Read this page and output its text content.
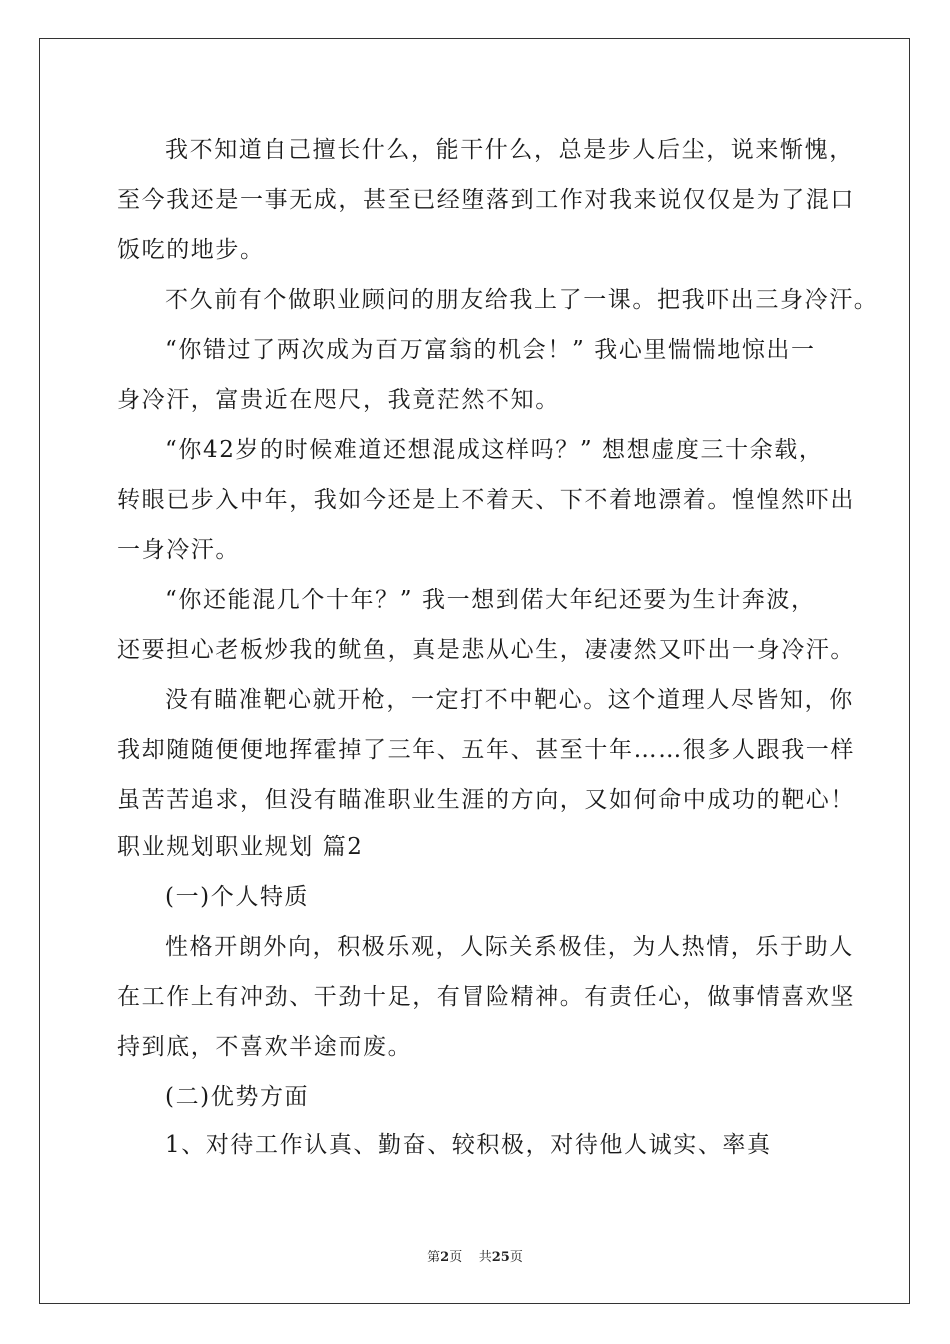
我不知道自己擅长什么，能干什么，总是步人后尘，说来惭愧，
至今我还是一事无成，甚至已经堕落到工作对我来说仅仅是为了混口
饭吃的地步。
不久前有个做职业顾问的朋友给我上了一课。把我吓出三身冷汗。
“你错过了两次成为百万富翁的机会！” 我心里惴惴地惊出一
身冷汗，富贵近在咫尺，我竟茫然不知。
“你42岁的时候难道还想混成这样吗？” 想想虚度三十余载，
转眼已步入中年，我如今还是上不着天、下不着地漂着。惶惶然吓出
一身冷汗。
“你还能混几个十年？” 我一想到偌大年纪还要为生计奔波，
还要担心老板炒我的鱿鱼，真是悲从心生，凄凄然又吓出一身冷汗。
没有瞄准靶心就开枪，一定打不中靶心。这个道理人尽皆知，你
我却随随便便地挥霍掉了三年、五年、甚至十年……很多人跟我一样
虽苦苦追求，但没有瞄准职业生涯的方向，又如何命中成功的靶心！
职业规划职业规划 篇2
(一)个人特质
性格开朗外向，积极乐观，人际关系极佳，为人热情，乐于助人
在工作上有冲劲、干劲十足，有冒险精神。有责任心，做事情喜欢坚
持到底，不喜欢半途而废。
(二)优势方面
1、对待工作认真、勤奋、较积极，对待他人诚实、率真
第2页 共25页
